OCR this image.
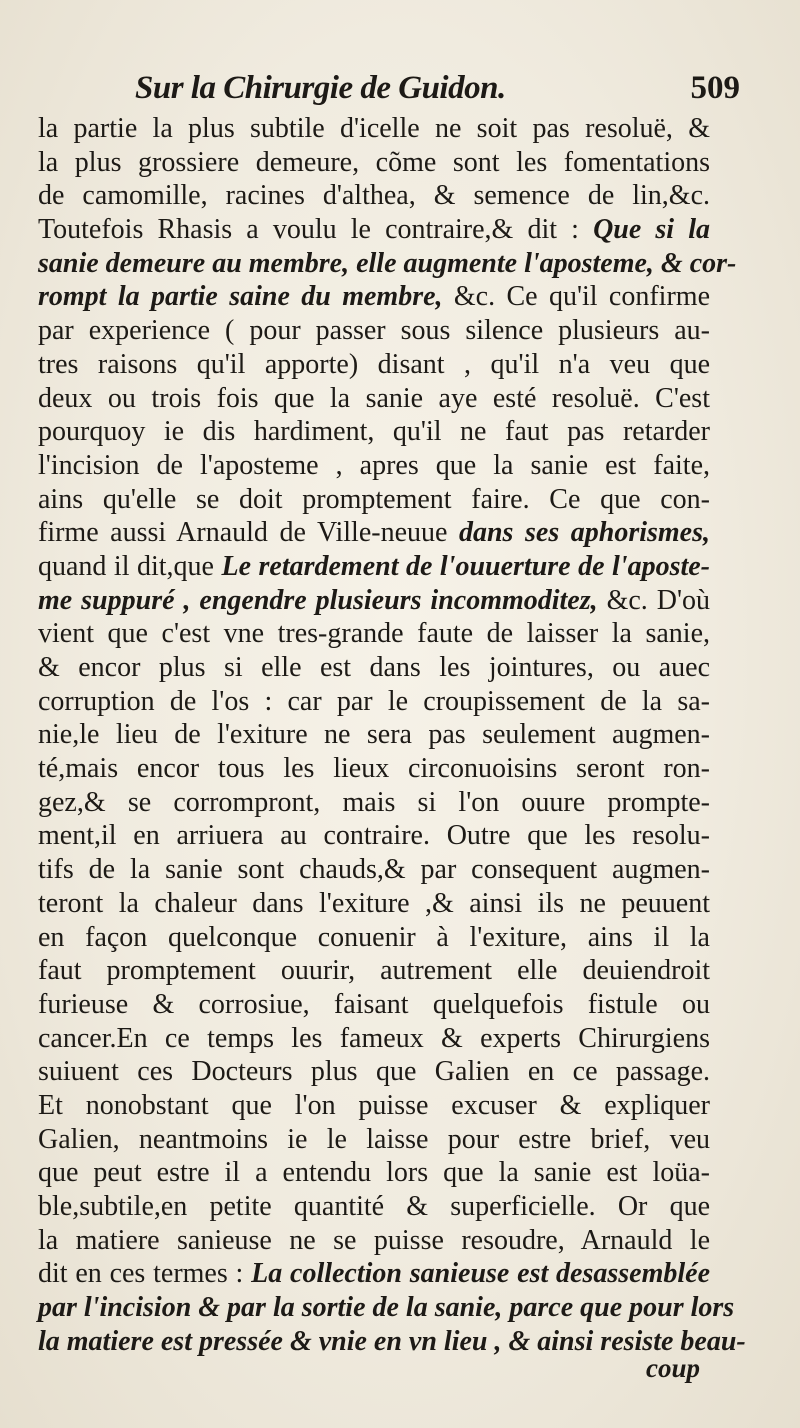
Sur la Chirurgie de Guidon.	509
la partie la plus subtile d'icelle ne soit pas resoluë, &
la plus grossiere demeure, cõme sont les fomentations
de camomille, racines d'althea, & semence de lin,&c.
Toutefois Rhasis a voulu le contraire,& dit : Que si la
sanie demeure au membre, elle augmente l'aposteme, & cor-
rompt la partie saine du membre, &c. Ce qu'il confirme
par experience ( pour passer sous silence plusieurs au-
tres raisons qu'il apporte) disant , qu'il n'a veu que
deux ou trois fois que la sanie aye esté resoluë. C'est
pourquoy ie dis hardiment, qu'il ne faut pas retarder
l'incision de l'aposteme , apres que la sanie est faite,
ains qu'elle se doit promptement faire. Ce que con-
firme aussi Arnauld de Ville-neuue dans ses aphorismes,
quand il dit,que Le retardement de l'ouuerture de l'aposte-
me suppuré , engendre plusieurs incommoditez, &c. D'où
vient que c'est vne tres-grande faute de laisser la sanie,
& encor plus si elle est dans les jointures, ou auec
corruption de l'os : car par le croupissement de la sa-
nie,le lieu de l'exiture ne sera pas seulement augmen-
té,mais encor tous les lieux circonuoisins seront ron-
gez,& se corrompront, mais si l'on ouure prompte-
ment,il en arriuera au contraire. Outre que les resolu-
tifs de la sanie sont chauds,& par consequent augmen-
teront la chaleur dans l'exiture ,& ainsi ils ne peuuent
en façon quelconque conuenir à l'exiture, ains il la
faut promptement ouurir, autrement elle deuiendroit
furieuse & corrosiue, faisant quelquefois fistule ou
cancer.En ce temps les fameux & experts Chirurgiens
suiuent ces Docteurs plus que Galien en ce passage.
Et nonobstant que l'on puisse excuser & expliquer
Galien, neantmoins ie le laisse pour estre brief, veu
que peut estre il a entendu lors que la sanie est loüa-
ble,subtile,en petite quantité & superficielle. Or que
la matiere sanieuse ne se puisse resoudre, Arnauld le
dit en ces termes : La collection sanieuse est desassemblée
par l'incision & par la sortie de la sanie, parce que pour lors
la matiere est pressée & vnie en vn lieu , & ainsi resiste beau-
coup
